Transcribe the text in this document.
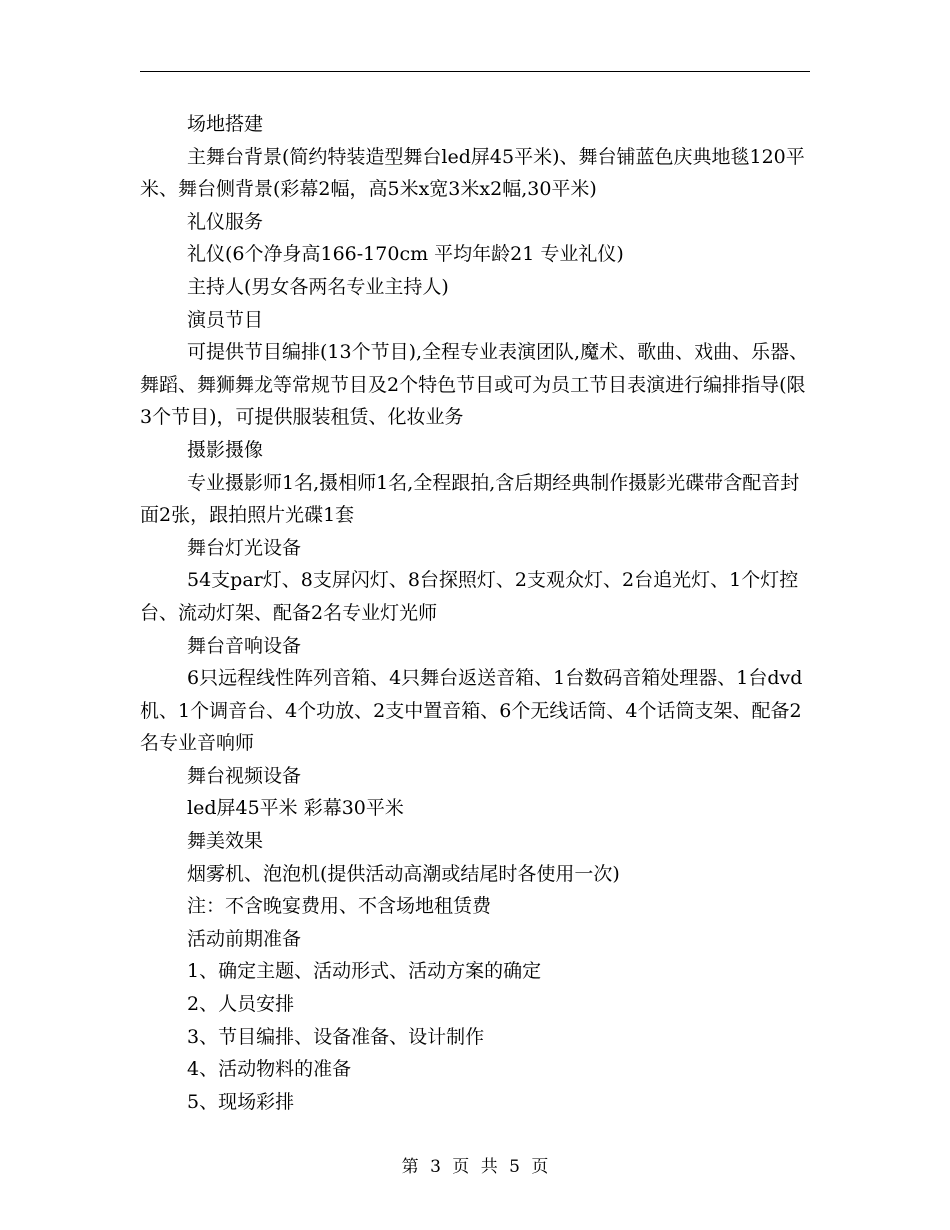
场地搭建

主舞台背景(简约特装造型舞台led屏45平米)、舞台铺蓝色庆典地毯120平米、舞台侧背景(彩幕2幅，高5米x宽3米x2幅,30平米)

礼仪服务

礼仪(6个净身高166-170cm 平均年龄21 专业礼仪)

主持人(男女各两名专业主持人)

演员节目

可提供节目编排(13个节目),全程专业表演团队,魔术、歌曲、戏曲、乐器、舞蹈、舞狮舞龙等常规节目及2个特色节目或可为员工节目表演进行编排指导(限3个节目)，可提供服装租赁、化妆业务

摄影摄像

专业摄影师1名,摄相师1名,全程跟拍,含后期经典制作摄影光碟带含配音封面2张，跟拍照片光碟1套

舞台灯光设备

54支par灯、8支屏闪灯、8台探照灯、2支观众灯、2台追光灯、1个灯控台、流动灯架、配备2名专业灯光师

舞台音响设备

6只远程线性阵列音箱、4只舞台返送音箱、1台数码音箱处理器、1台dvd机、1个调音台、4个功放、2支中置音箱、6个无线话筒、4个话筒支架、配备2名专业音响师

舞台视频设备

led屏45平米 彩幕30平米

舞美效果

烟雾机、泡泡机(提供活动高潮或结尾时各使用一次)

注：不含晚宴费用、不含场地租赁费

活动前期准备

1、确定主题、活动形式、活动方案的确定

2、人员安排

3、节目编排、设备准备、设计制作

4、活动物料的准备

5、现场彩排

第 3 页 共 5 页
